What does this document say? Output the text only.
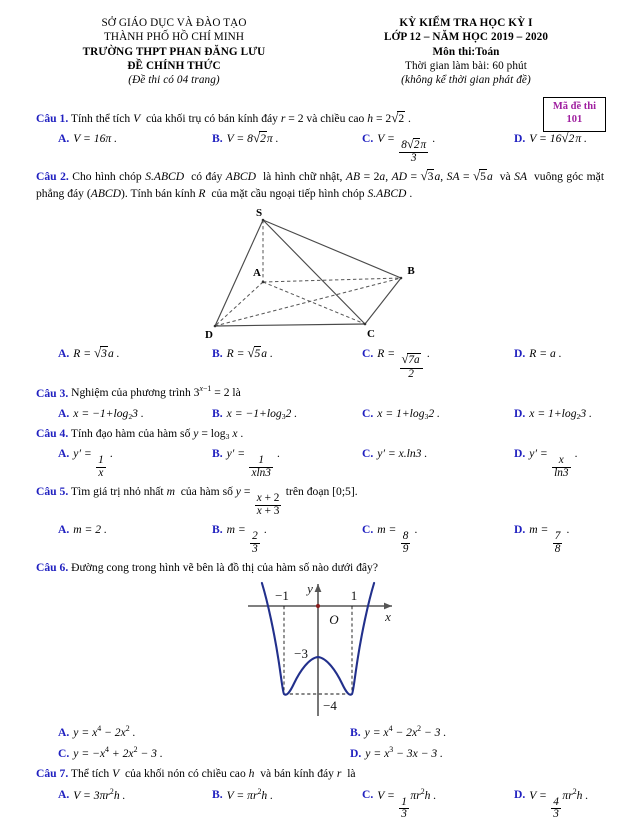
SỞ GIÁO DỤC VÀ ĐÀO TẠO
THÀNH PHỐ HỒ CHÍ MINH
TRƯỜNG THPT PHAN ĐĂNG LƯU
ĐỀ CHÍNH THỨC
(Đề thi có 04 trang)
KỲ KIỂM TRA HỌC KỲ I
LỚP 12 – NĂM HỌC 2019 – 2020
Môn thi:Toán
Thời gian làm bài: 60 phút
(không kể thời gian phát đề)
Mã đề thi
101

Câu 1. Tính thể tích V  của khối trụ có bán kính đáy r = 2 và chiều cao h = 2 √ 2 .

A. V = 16π .	B. V = 8 √ 2 π .	C. $V = \frac{8 √ 2 \pi}{3}$ .	D. V = 16 √ 2 π .

Câu 2. Cho hình chóp S.ABCD  có đáy ABCD  là hình chữ nhật, AB = 2a, AD = √ 3 a, SA = √ 5 a  và SA  vuông góc mặt phẳng đáy (ABCD). Tính bán kính R  của mặt cầu ngoại tiếp hình chóp S.ABCD .

S
A	B
C
D
A. R = √ 3 a .	B. R = √ 5 a .	C. $R = \frac{√ 7a}{2}$ .	D. R = a .

Câu 3. Nghiệm của phương trình $3^{x-1} = 2$ là

A. $x = -1+\log_23$ .	B. $x = -1+\log_32$ .	C. $x = 1+\log_32$ .	D. $x = 1+\log_23$ .

Câu 4. Tính đạo hàm của hàm số $y = \log_3 x$ .

A. y′ =
$\frac{1}{x}$
.	B. y′ =
$\frac{1}{xln3}$
.	C. y′ = x.ln3 .	D. y′ =
$\frac{x}{\ln 3}$
.

Câu 5. Tìm giá trị nhỏ nhất m  của hàm số y =
$\frac{x + 2}{x + 3}$
trên đoạn [0;5].

A. m = 2 .	B. m =
$\frac{2}{3}$
.	C. m =
$\frac{8}{9}$
.	D. m =
$\frac{7}{8}$
.

Câu 6. Đường cong trong hình vẽ bên là đồ thị của hàm số nào dưới đây?

−1	1
O
−3
−4
x
y
A. $y = x^4 - 2x^2$ .	B. $y = x^4 - 2x^2 - 3$ .
C. $y = -x^4 + 2x^2 - 3$ .	D. $y = x^3 - 3x - 3$ .

Câu 7. Thể tích V  của khối nón có chiều cao h  và bán kính đáy r  là

A. $V = 3\pi r^2h$ .	B. $V = \pi r^2h$ .	C. V =
$\frac{1}{3}$
$\pi r^2h$ .	D. V =
$\frac{4}{3}$
$\pi r^2h$ .
